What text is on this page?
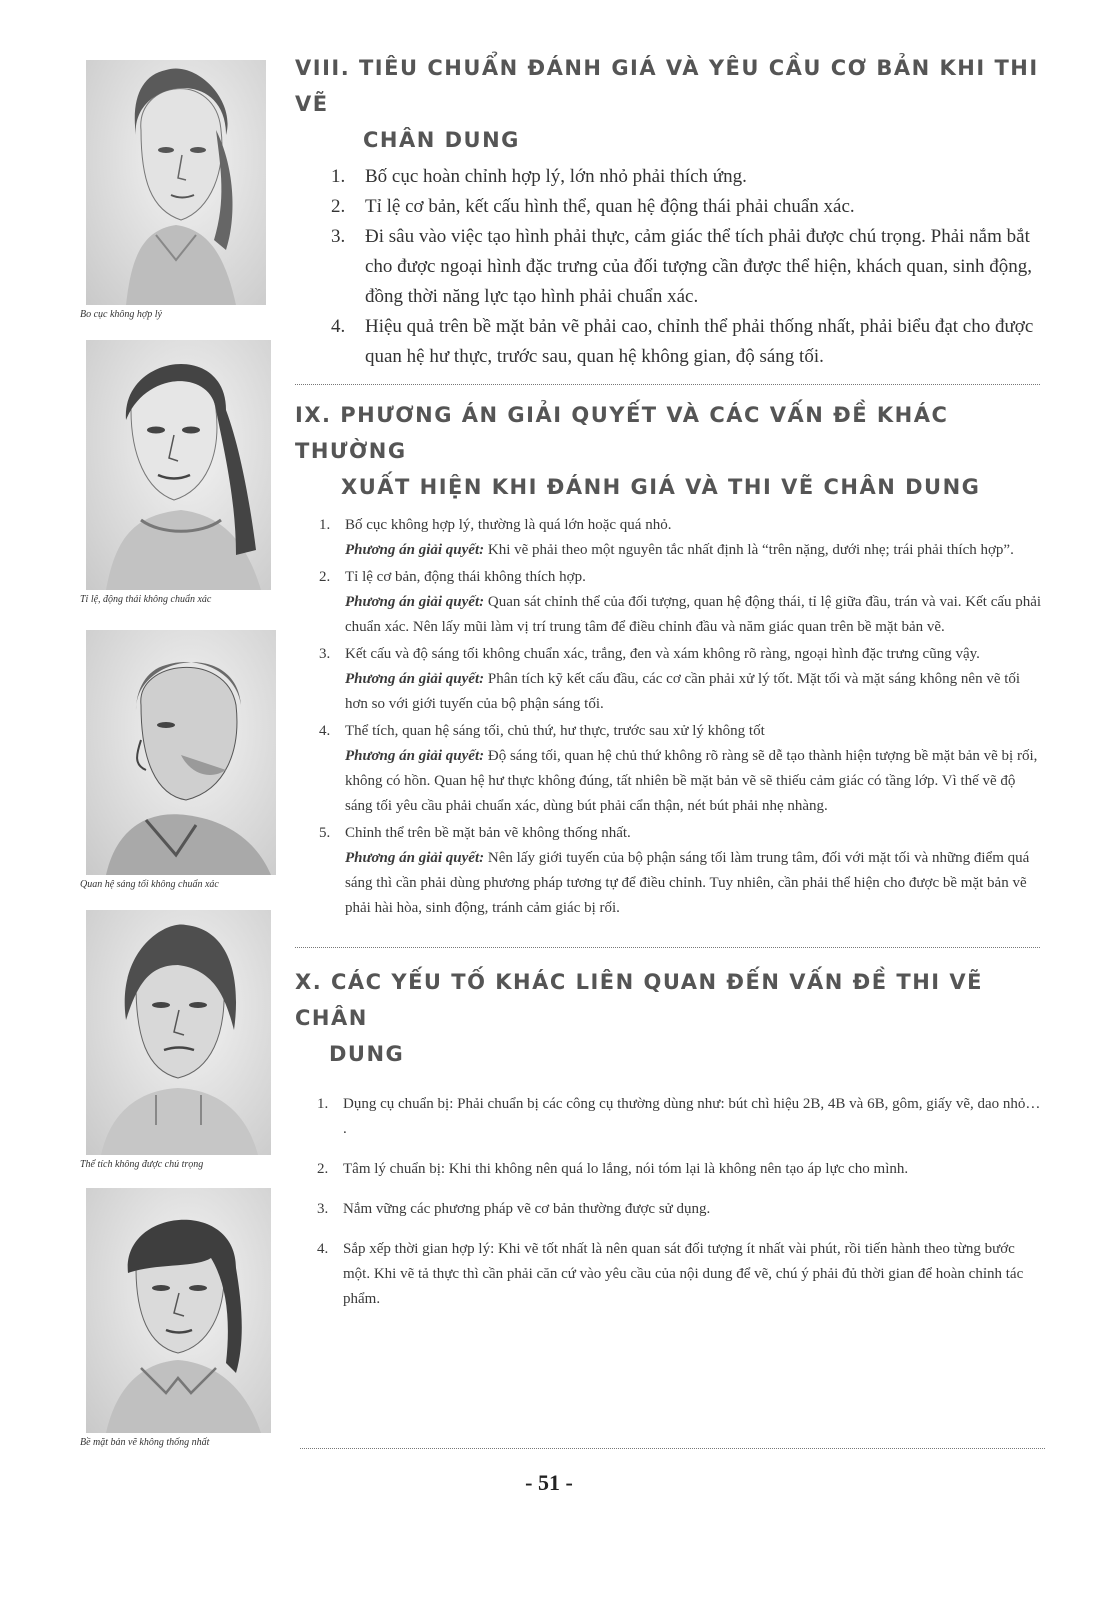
Bo cục không hợp lý
Tỉ lệ, động thái không chuẩn xác
Quan hệ sáng tối không chuẩn xác
Thể tích không được chú trọng
Bề mặt bản vẽ không thống nhất
VIII. TIÊU CHUẨN ĐÁNH GIÁ VÀ YÊU CẦU CƠ BẢN KHI THI VẼ
CHÂN DUNG
1. Bố cục hoàn chỉnh hợp lý, lớn nhỏ phải thích ứng.
2. Tỉ lệ cơ bản, kết cấu hình thể, quan hệ động thái phải chuẩn xác.
3. Đi sâu vào việc tạo hình phải thực, cảm giác thể tích phải được chú trọng. Phải nắm bắt cho được ngoại hình đặc trưng của đối tượng cần được thể hiện, khách quan, sinh động, đồng thời năng lực tạo hình phải chuẩn xác.
4. Hiệu quả trên bề mặt bản vẽ phải cao, chỉnh thể phải thống nhất, phải biểu đạt cho được quan hệ hư thực, trước sau, quan hệ không gian, độ sáng tối.
IX. PHƯƠNG ÁN GIẢI QUYẾT VÀ CÁC VẤN ĐỀ KHÁC THƯỜNG
XUẤT HIỆN KHI ĐÁNH GIÁ VÀ THI VẼ CHÂN DUNG
1. Bố cục không hợp lý, thường là quá lớn hoặc quá nhỏ.
Phương án giải quyết: Khi vẽ phải theo một nguyên tắc nhất định là “trên nặng, dưới nhẹ; trái phải thích hợp”.
2. Tỉ lệ cơ bản, động thái không thích hợp.
Phương án giải quyết: Quan sát chỉnh thể của đối tượng, quan hệ động thái, tỉ lệ giữa đầu, trán và vai. Kết cấu phải chuẩn xác. Nên lấy mũi làm vị trí trung tâm để điều chỉnh đầu và năm giác quan trên bề mặt bản vẽ.
3. Kết cấu và độ sáng tối không chuẩn xác, trắng, đen và xám không rõ ràng, ngoại hình đặc trưng cũng vậy.
Phương án giải quyết: Phân tích kỹ kết cấu đầu, các cơ cần phải xử lý tốt. Mặt tối và mặt sáng không nên vẽ tối hơn so với giới tuyến của bộ phận sáng tối.
4. Thể tích, quan hệ sáng tối, chủ thứ, hư thực, trước sau xử lý không tốt
Phương án giải quyết: Độ sáng tối, quan hệ chủ thứ không rõ ràng sẽ dễ tạo thành hiện tượng bề mặt bản vẽ bị rối, không có hồn. Quan hệ hư thực không đúng, tất nhiên bề mặt bản vẽ sẽ thiếu cảm giác có tầng lớp. Vì thế vẽ độ sáng tối yêu cầu phải chuẩn xác, dùng bút phải cẩn thận, nét bút phải nhẹ nhàng.
5. Chỉnh thể trên bề mặt bản vẽ không thống nhất.
Phương án giải quyết: Nên lấy giới tuyến của bộ phận sáng tối làm trung tâm, đối với mặt tối và những điểm quá sáng thì cần phải dùng phương pháp tương tự để điều chỉnh. Tuy nhiên, cần phải thể hiện cho được bề mặt bản vẽ phải hài hòa, sinh động, tránh cảm giác bị rối.
X. CÁC YẾU TỐ KHÁC LIÊN QUAN ĐẾN VẤN ĐỀ THI VẼ CHÂN
DUNG
1. Dụng cụ chuẩn bị: Phải chuẩn bị các công cụ thường dùng như: bút chì hiệu 2B, 4B và 6B, gôm, giấy vẽ, dao nhỏ… .
2. Tâm lý chuẩn bị: Khi thi không nên quá lo lắng, nói tóm lại là không nên tạo áp lực cho mình.
3. Nắm vững các phương pháp vẽ cơ bản thường được sử dụng.
4. Sắp xếp thời gian hợp lý: Khi vẽ tốt nhất là nên quan sát đối tượng ít nhất vài phút, rồi tiến hành theo từng bước một. Khi vẽ tả thực thì cần phải căn cứ vào yêu cầu của nội dung để vẽ, chú ý phải đủ thời gian để hoàn chỉnh tác phẩm.
- 51 -
